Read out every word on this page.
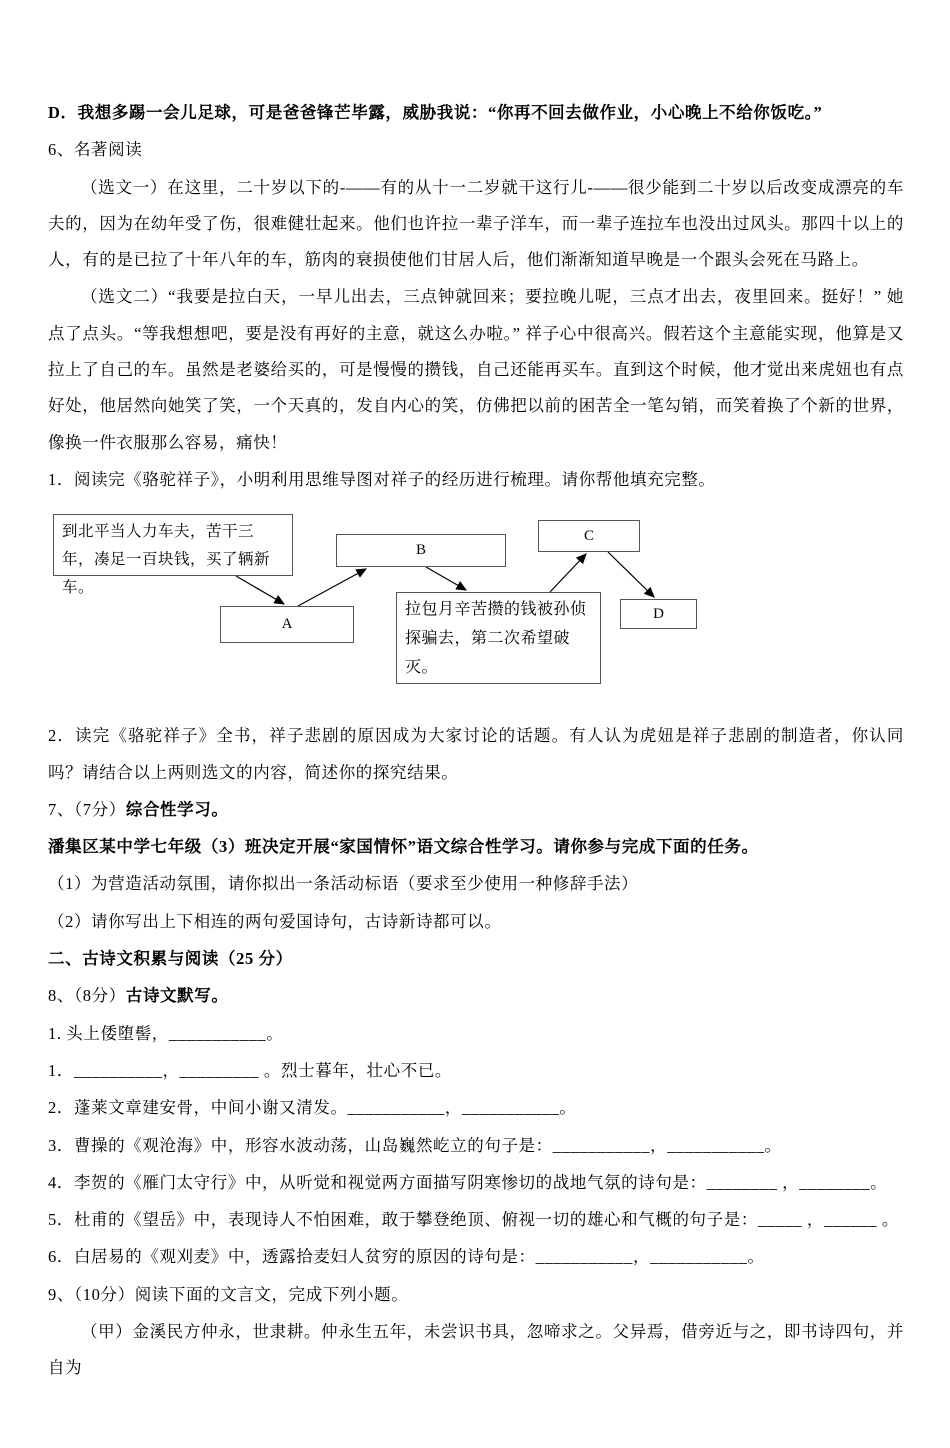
D．我想多踢一会儿足球，可是爸爸锋芒毕露，威胁我说：“你再不回去做作业，小心晚上不给你饭吃。”

6、名著阅读

（选文一）在这里，二十岁以下的-——有的从十一二岁就干这行儿-——很少能到二十岁以后改变成漂亮的车夫的，因为在幼年受了伤，很难健壮起来。他们也许拉一辈子洋车，而一辈子连拉车也没出过风头。那四十以上的人，有的是已拉了十年八年的车，筋肉的衰损使他们甘居人后，他们渐渐知道早晚是一个跟头会死在马路上。

（选文二）“我要是拉白天，一早儿出去，三点钟就回来；要拉晚儿呢，三点才出去，夜里回来。挺好！” 她点了点头。“等我想想吧，要是没有再好的主意，就这么办啦。” 祥子心中很高兴。假若这个主意能实现，他算是又拉上了自己的车。虽然是老婆给买的，可是慢慢的攒钱，自己还能再买车。直到这个时候，他才觉出来虎妞也有点好处，他居然向她笑了笑，一个天真的，发自内心的笑，仿佛把以前的困苦全一笔勾销，而笑着换了个新的世界，像换一件衣服那么容易，痛快！

1．阅读完《骆驼祥子》，小明利用思维导图对祥子的经历进行梳理。请你帮他填充完整。

到北平当人力车夫，苦干三年，凑足一百块钱，买了辆新车。
B
C
A
拉包月辛苦攒的钱被孙侦探骗去，第二次希望破灭。
D

2．读完《骆驼祥子》全书，祥子悲剧的原因成为大家讨论的话题。有人认为虎妞是祥子悲剧的制造者，你认同吗？请结合以上两则选文的内容，简述你的探究结果。

7、（7分）综合性学习。

潘集区某中学七年级（3）班决定开展“家国情怀”语文综合性学习。请你参与完成下面的任务。

（1）为营造活动氛围，请你拟出一条活动标语（要求至少使用一种修辞手法）

（2）请你写出上下相连的两句爱国诗句，古诗新诗都可以。

二、古诗文积累与阅读（25 分）

8、（8分）古诗文默写。

1. 头上倭堕髻，___________。

1．__________，_________ 。烈士暮年，壮心不已。

2．蓬莱文章建安骨，中间小谢又清发。___________，___________。

3．曹操的《观沧海》中，形容水波动荡，山岛巍然屹立的句子是：___________，___________。

4．李贺的《雁门太守行》中，从听觉和视觉两方面描写阴寒惨切的战地气氛的诗句是：________ ，________。

5．杜甫的《望岳》中，表现诗人不怕困难，敢于攀登绝顶、俯视一切的雄心和气概的句子是：_____ ，______ 。

6．白居易的《观刈麦》中，透露拾麦妇人贫穷的原因的诗句是：___________，___________。

9、（10分）阅读下面的文言文，完成下列小题。

（甲）金溪民方仲永，世隶耕。仲永生五年，未尝识书具，忽啼求之。父异焉，借旁近与之，即书诗四句，并自为
